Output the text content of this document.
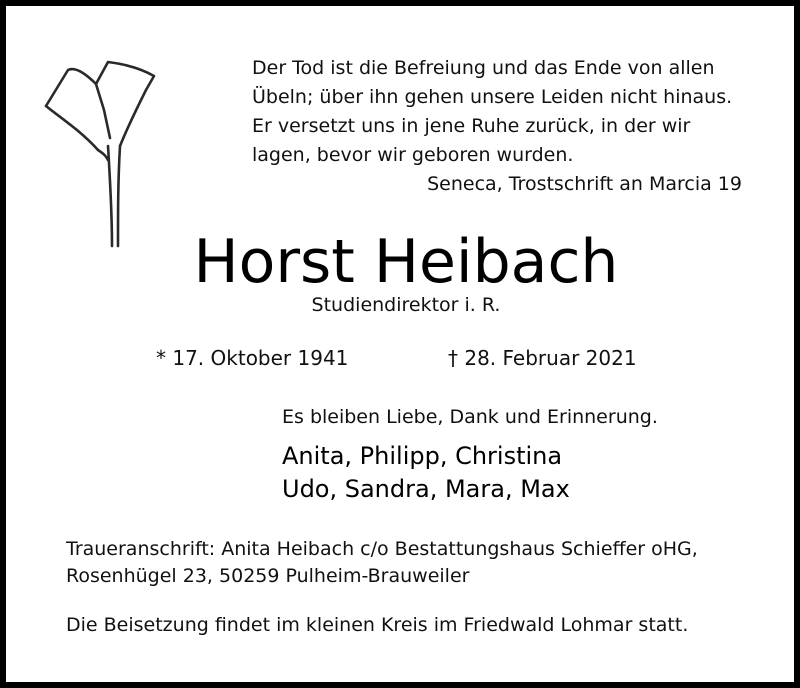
Der Tod ist die Befreiung und das Ende von allen
Übeln; über ihn gehen unsere Leiden nicht hinaus.
Er versetzt uns in jene Ruhe zurück, in der wir
lagen, bevor wir geboren wurden.
Seneca, Trostschrift an Marcia 19
Horst Heibach
Studiendirektor i. R.
* 17. Oktober 1941	† 28. Februar 2021
Es bleiben Liebe, Dank und Erinnerung.
Anita, Philipp, Christina
Udo, Sandra, Mara, Max
Traueranschrift: Anita Heibach c/o Bestattungshaus Schieffer oHG,
Rosenhügel 23, 50259 Pulheim-Brauweiler
Die Beisetzung findet im kleinen Kreis im Friedwald Lohmar statt.
